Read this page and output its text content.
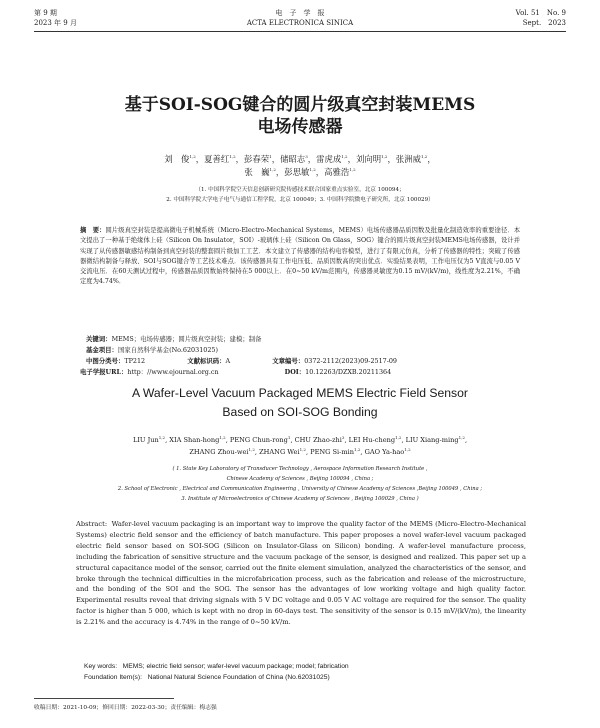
第 9 期
2023 年 9 月
电　子　学　报
ACTA ELECTRONICA SINICA
Vol. 51　No. 9
Sept.　2023
基于SOI-SOG键合的圆片级真空封装MEMS
电场传感器
刘　俊$^{1,2}$，夏善红$^{1,2}$，彭春荣$^1$，储昭志$^3$，雷虎成$^{1,2}$，刘向明$^{1,2}$，张洲威$^{1,2}$，
张　巍$^{1,2}$，彭思敏$^{1,2}$，高雅浩$^{1,2}$
（1. 中国科学院空天信息创新研究院传感技术联合国家重点实验室，北京 100094；
2. 中国科学院大学电子电气与通信工程学院，北京 100049；3. 中国科学院微电子研究所，北京 100029）
摘　要：圆片级真空封装是提高微电子机械系统（Micro-Electro-Mechanical Systems，MEMS）电场传感器品质因数及批量化制造效率的重要途径．本文提出了一种基于绝缘体上硅（Silicon On Insulator，SOI）-玻璃体上硅（Silicon On Glass，SOG）键合的圆片级真空封装MEMS电场传感器，设计并实现了从传感器敏感结构制备到真空封装的整套圆片级加工工艺．本文建立了传感器的结构电容模型，进行了有限元仿真，分析了传感器的特性；突破了传感器微结构制备与释放、SOI与SOG键合等工艺技术难点．该传感器具有工作电压低、品质因数高的突出优点．实验结果表明，工作电压仅为5 V直流与0.05 V交流电压．在60天测试过程中，传感器品质因数始终保持在5 000以上．在0~50 kV/m范围内，传感器灵敏度为0.15 mV/(kV/m)，线性度为2.21%，不确定度为4.74%．
关键词：MEMS；电场传感器；圆片级真空封装；建模；制备
基金项目：国家自然科学基金(No.62031025)
中图分类号：TP212	文献标识码：A	文章编号：0372-2112(2023)09-2517-09
电子学报URL：http：//www.ejournal.org.cn	DOI：10.12263/DZXB.20211364
A Wafer-Level Vacuum Packaged MEMS Electric Field Sensor
Based on SOI-SOG Bonding
LIU Jun$^{1,2}$, XIA Shan-hong$^{1,2}$, PENG Chun-rong$^1$, CHU Zhao-zhi$^3$, LEI Hu-cheng$^{1,2}$, LIU Xiang-ming$^{1,2}$,
ZHANG Zhou-wei$^{1,2}$, ZHANG Wei$^{1,2}$, PENG $Si-\min^{1,2}$, GAO Ya-hao$^{1,2}$
( 1. State Key Laboratory of Transducer Technology , Aerospace Information Research Institute ,
Chinese Academy of Sciences , Beijing 100094 , China ;
2. School of Electronic , Electrical and Communication Engineering , University of Chinese Academy of Sciences ,Beijing 100049 , China ;
3. Institute of Microelectronics of Chinese Academy of Sciences , Beijing 100029 , China )
Abstract: Wafer-level vacuum packaging is an important way to improve the quality factor of the MEMS (Micro-Electro-Mechanical Systems) electric field sensor and the efficiency of batch manufacture. This paper proposes a novel wafer-level vacuum packaged electric field sensor based on SOI-SOG (Silicon on Insulator-Glass on Silicon) bonding. A wafer-level manufacture process, including the fabrication of sensitive structure and the vacuum package of the sensor, is designed and realized. This paper set up a structural capacitance model of the sensor, carried out the finite element simulation, analyzed the characteristics of the sensor, and broke through the technical difficulties in the microfabrication process, such as the fabrication and release of the microstructure, and the bonding of the SOI and the SOG. The sensor has the advantages of low working voltage and high quality factor. Experimental results reveal that driving signals with 5 V DC voltage and 0.05 V AC voltage are required for the sensor. The quality factor is higher than 5 000, which is kept with no drop in 60-days test. The sensitivity of the sensor is 0.15 mV/(kV/m), the linearity is 2.21% and the accuracy is 4.74% in the range of 0~50 kV/m.
Key words: MEMS; electric field sensor; wafer-level vacuum package; model; fabrication
Foundation Item(s): National Natural Science Foundation of China (No.62031025)
收稿日期：2021-10-09；修回日期：2022-03-30；责任编辑：梅志强
